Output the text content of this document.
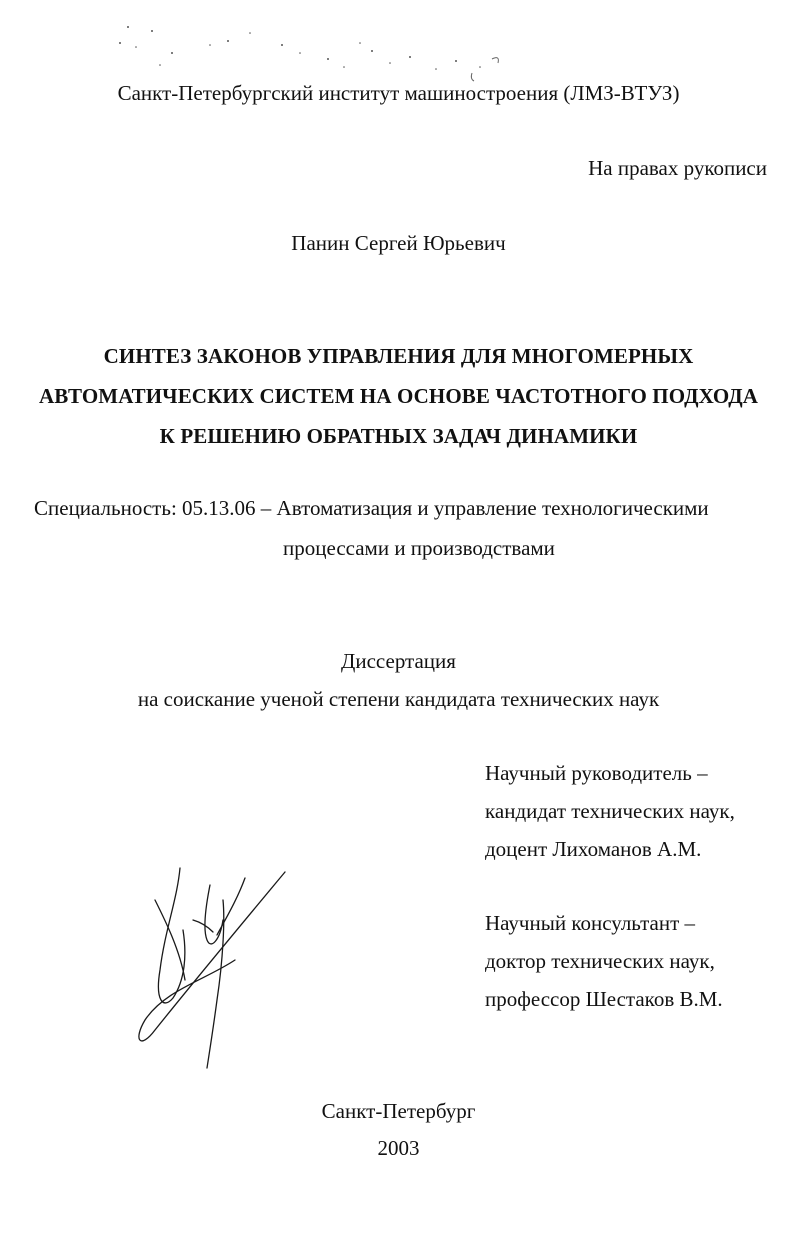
Санкт-Петербургский институт машиностроения (ЛМЗ-ВТУЗ)
На правах рукописи
Панин Сергей Юрьевич
СИНТЕЗ ЗАКОНОВ УПРАВЛЕНИЯ ДЛЯ МНОГОМЕРНЫХ
АВТОМАТИЧЕСКИХ СИСТЕМ НА ОСНОВЕ ЧАСТОТНОГО ПОДХОДА
К РЕШЕНИЮ ОБРАТНЫХ ЗАДАЧ ДИНАМИКИ
Специальность: 05.13.06 – Автоматизация и управление технологическими
процессами и производствами
Диссертация
на соискание ученой степени кандидата технических наук
Научный руководитель –
кандидат технических наук,
доцент Лихоманов А.М.
Научный консультант –
доктор технических наук,
профессор Шестаков В.М.
Санкт-Петербург
2003
